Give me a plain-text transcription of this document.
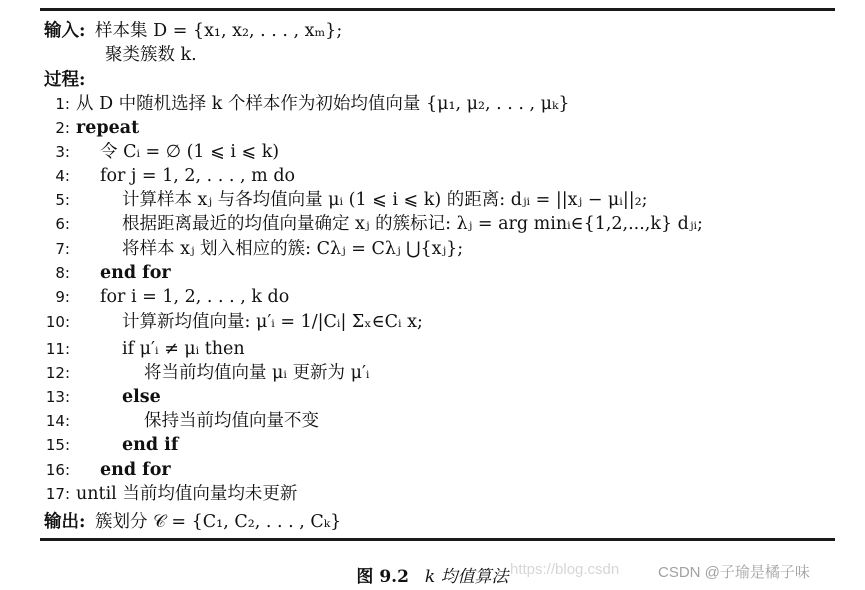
输入: 样本集 D = {x₁, x₂, . . . , xₘ};
聚类簇数 k.
过程:
1: 从 D 中随机选择 k 个样本作为初始均值向量 {μ₁, μ₂, . . . , μₖ}
2: repeat
3: 令 Cᵢ = ∅ (1 ⩽ i ⩽ k)
4: for j = 1, 2, . . . , m do
5:	计算样本 xⱼ 与各均值向量 μᵢ (1 ⩽ i ⩽ k) 的距离: dⱼᵢ = ||xⱼ − μᵢ||₂;
6:	根据距离最近的均值向量确定 xⱼ 的簇标记: λⱼ = arg minᵢ∈{1,2,...,k} dⱼᵢ;
7:	将样本 xⱼ 划入相应的簇: Cλⱼ = Cλⱼ ⋃{xⱼ};
8: end for
9: for i = 1, 2, . . . , k do
10:	计算新均值向量: μ′ᵢ = 1/|Cᵢ| Σₓ∈Cᵢ x;
11:	if μ′ᵢ ≠ μᵢ then
12:	将当前均值向量 μᵢ 更新为 μ′ᵢ
13:	else
14:	保持当前均值向量不变
15:	end if
16: end for
17: until 当前均值向量均未更新
输出: 簇划分 𝒞 = {C₁, C₂, . . . , Cₖ}
图 9.2 k 均值算法 https://blog.csdn	CSDN @子瑜是橘子味
